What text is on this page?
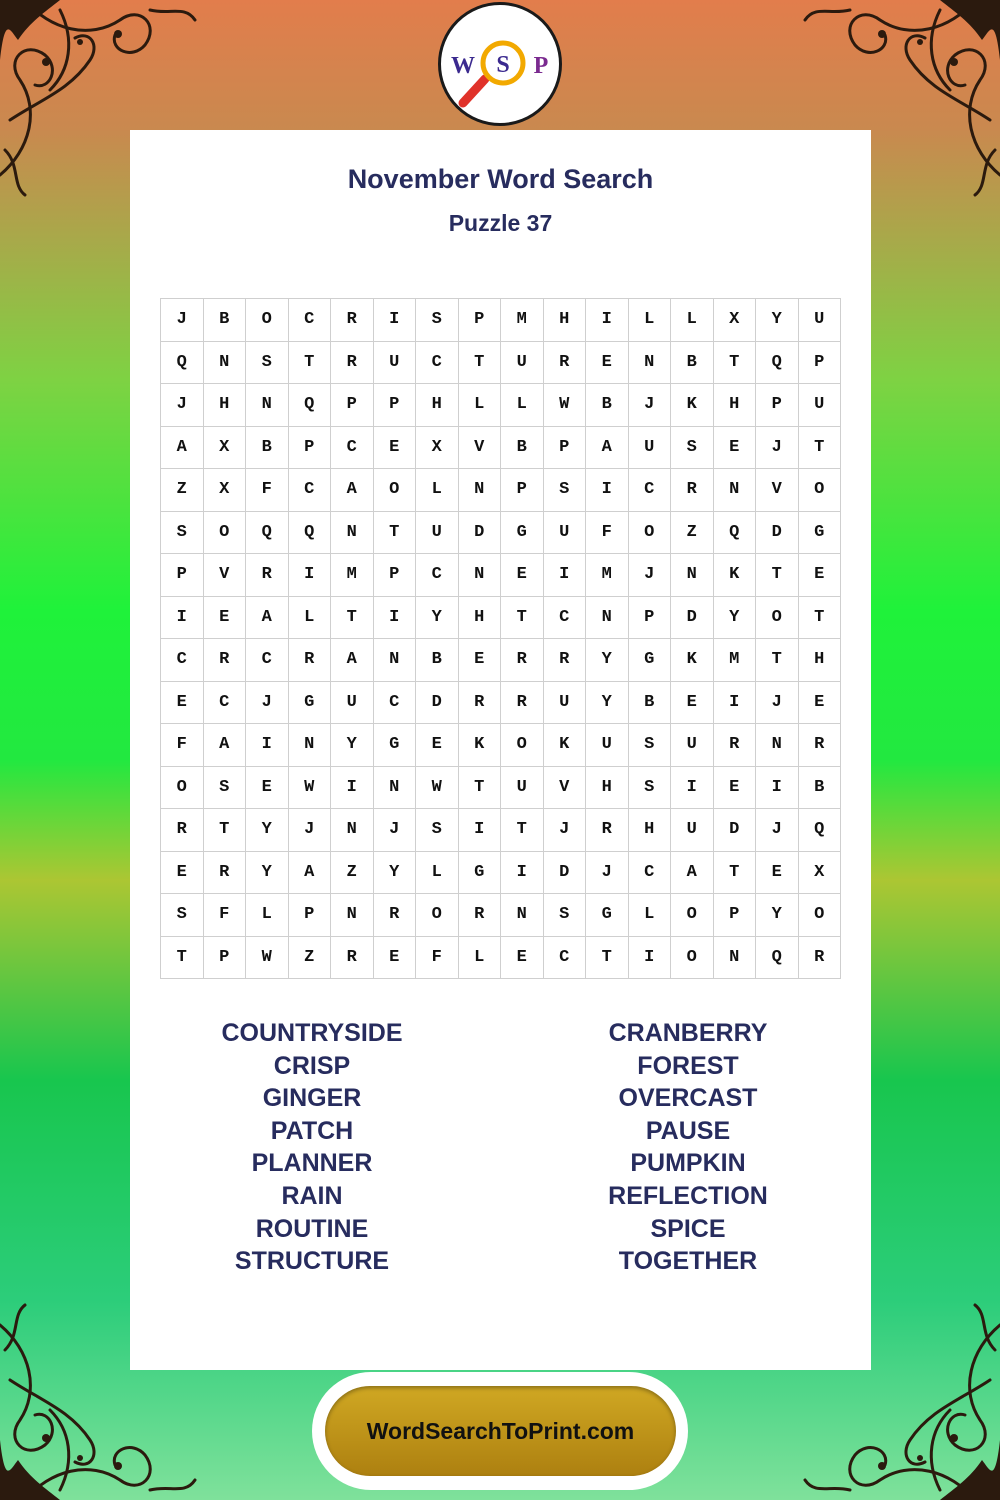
W S P
November Word Search
Puzzle 37
J	B	O	C	R	I	S	P	M	H	I	L	L	X	Y	U
Q	N	S	T	R	U	C	T	U	R	E	N	B	T	Q	P
J	H	N	Q	P	P	H	L	L	W	B	J	K	H	P	U
A	X	B	P	C	E	X	V	B	P	A	U	S	E	J	T
Z	X	F	C	A	O	L	N	P	S	I	C	R	N	V	O
S	O	Q	Q	N	T	U	D	G	U	F	O	Z	Q	D	G
P	V	R	I	M	P	C	N	E	I	M	J	N	K	T	E
I	E	A	L	T	I	Y	H	T	C	N	P	D	Y	O	T
C	R	C	R	A	N	B	E	R	R	Y	G	K	M	T	H
E	C	J	G	U	C	D	R	R	U	Y	B	E	I	J	E
F	A	I	N	Y	G	E	K	O	K	U	S	U	R	N	R
O	S	E	W	I	N	W	T	U	V	H	S	I	E	I	B
R	T	Y	J	N	J	S	I	T	J	R	H	U	D	J	Q
E	R	Y	A	Z	Y	L	G	I	D	J	C	A	T	E	X
S	F	L	P	N	R	O	R	N	S	G	L	O	P	Y	O
T	P	W	Z	R	E	F	L	E	C	T	I	O	N	Q	R
COUNTRYSIDE
CRISP
GINGER
PATCH
PLANNER
RAIN
ROUTINE
STRUCTURE
CRANBERRY
FOREST
OVERCAST
PAUSE
PUMPKIN
REFLECTION
SPICE
TOGETHER
WordSearchToPrint.com
